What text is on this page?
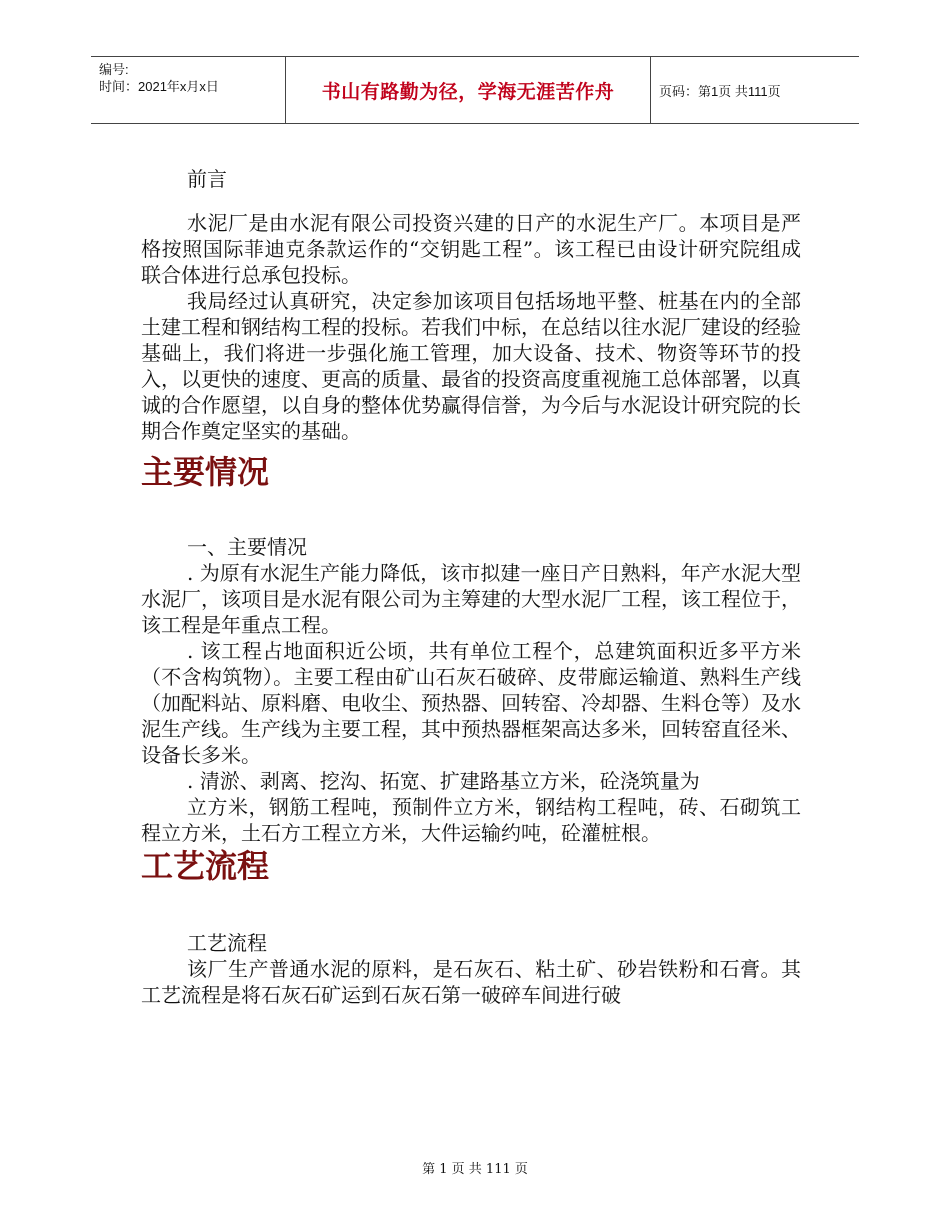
编号:
时间：2021年x月x日	书山有路勤为径，学海无涯苦作舟	页码：第1页 共111页

前言

水泥厂是由水泥有限公司投资兴建的日产的水泥生产厂。本项目是严格按照国际菲迪克条款运作的“交钥匙工程”。该工程已由设计研究院组成联合体进行总承包投标。

我局经过认真研究，决定参加该项目包括场地平整、桩基在内的全部土建工程和钢结构工程的投标。若我们中标，在总结以往水泥厂建设的经验基础上，我们将进一步强化施工管理，加大设备、技术、物资等环节的投入，以更快的速度、更高的质量、最省的投资高度重视施工总体部署，以真诚的合作愿望，以自身的整体优势赢得信誉，为今后与水泥设计研究院的长期合作奠定坚实的基础。

主要情况

一、主要情况

. 为原有水泥生产能力降低，该市拟建一座日产日熟料，年产水泥大型水泥厂，该项目是水泥有限公司为主筹建的大型水泥厂工程，该工程位于，该工程是年重点工程。

. 该工程占地面积近公顷，共有单位工程个，总建筑面积近多平方米（不含构筑物）。主要工程由矿山石灰石破碎、皮带廊运输道、熟料生产线（加配料站、原料磨、电收尘、预热器、回转窑、冷却器、生料仓等）及水泥生产线。生产线为主要工程，其中预热器框架高达多米，回转窑直径米、设备长多米。

. 清淤、剥离、挖沟、拓宽、扩建路基立方米，砼浇筑量为

立方米，钢筋工程吨，预制件立方米，钢结构工程吨，砖、石砌筑工程立方米，土石方工程立方米，大件运输约吨，砼灌桩根。

工艺流程

工艺流程

该厂生产普通水泥的原料，是石灰石、粘土矿、砂岩铁粉和石膏。其工艺流程是将石灰石矿运到石灰石第一破碎车间进行破

第 1 页 共 111 页
